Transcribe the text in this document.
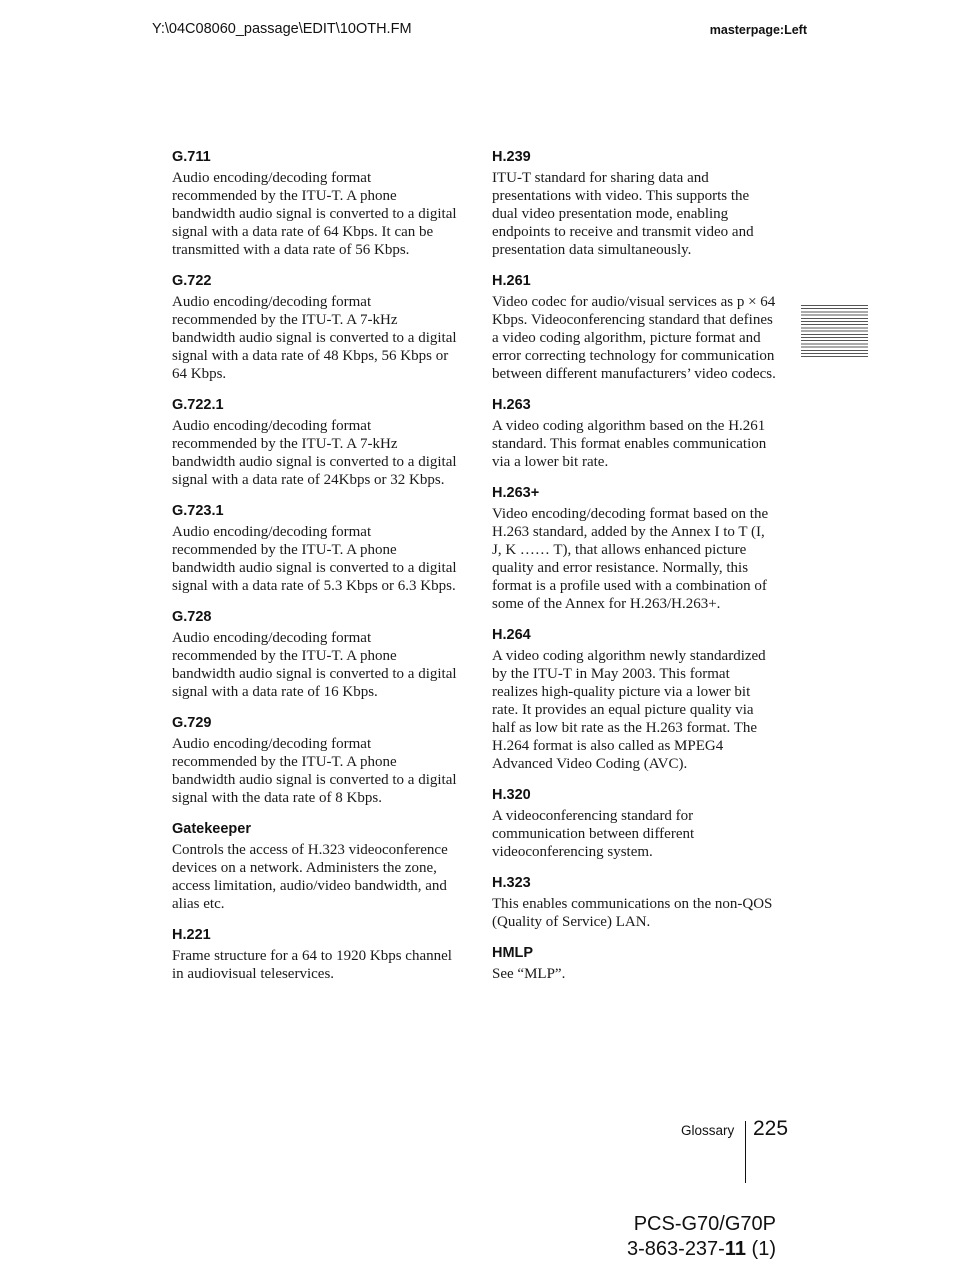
Y:\04C08060_passage\EDIT\10OTH.FM	masterpage:Left
G.711

Audio encoding/decoding format recommended by the ITU-T. A phone bandwidth audio signal is converted to a digital signal with a data rate of 64 Kbps. It can be transmitted with a data rate of 56 Kbps.

G.722

Audio encoding/decoding format recommended by the ITU-T. A 7-kHz bandwidth audio signal is converted to a digital signal with a data rate of 48 Kbps, 56 Kbps or 64 Kbps.

G.722.1

Audio encoding/decoding format recommended by the ITU-T. A 7-kHz bandwidth audio signal is converted to a digital signal with a data rate of 24Kbps or 32 Kbps.

G.723.1

Audio encoding/decoding format recommended by the ITU-T. A phone bandwidth audio signal is converted to a digital signal with a data rate of 5.3 Kbps or 6.3 Kbps.

G.728

Audio encoding/decoding format recommended by the ITU-T. A phone bandwidth audio signal is converted to a digital signal with a data rate of 16 Kbps.

G.729

Audio encoding/decoding format recommended by the ITU-T. A phone bandwidth audio signal is converted to a digital signal with the data rate of 8 Kbps.

Gatekeeper

Controls the access of H.323 videoconference devices on a network. Administers the zone, access limitation, audio/video bandwidth, and alias etc.

H.221

Frame structure for a 64 to 1920 Kbps channel in audiovisual teleservices.

H.239

ITU-T standard for sharing data and presentations with video. This supports the dual video presentation mode, enabling endpoints to receive and transmit video and presentation data simultaneously.

H.261

Video codec for audio/visual services as p × 64 Kbps. Videoconferencing standard that defines a video coding algorithm, picture format and error correcting technology for communication between different manufacturers’ video codecs.

H.263

A video coding algorithm based on the H.261 standard. This format enables communication via a lower bit rate.

H.263+

Video encoding/decoding format based on the H.263 standard, added by the Annex I to T (I, J, K …… T), that allows enhanced picture quality and error resistance. Normally, this format is a profile used with a combination of some of the Annex for H.263/H.263+.

H.264

A video coding algorithm newly standardized by the ITU-T in May 2003. This format realizes high-quality picture via a lower bit rate. It provides an equal picture quality via half as low bit rate as the H.263 format. The H.264 format is also called as MPEG4 Advanced Video Coding (AVC).

H.320

A videoconferencing standard for communication between different videoconferencing system.

H.323

This enables communications on the non-QOS (Quality of Service) LAN.

HMLP

See “MLP”.

Glossary 225
PCS-G70/G70P
3-863-237-11 (1)
